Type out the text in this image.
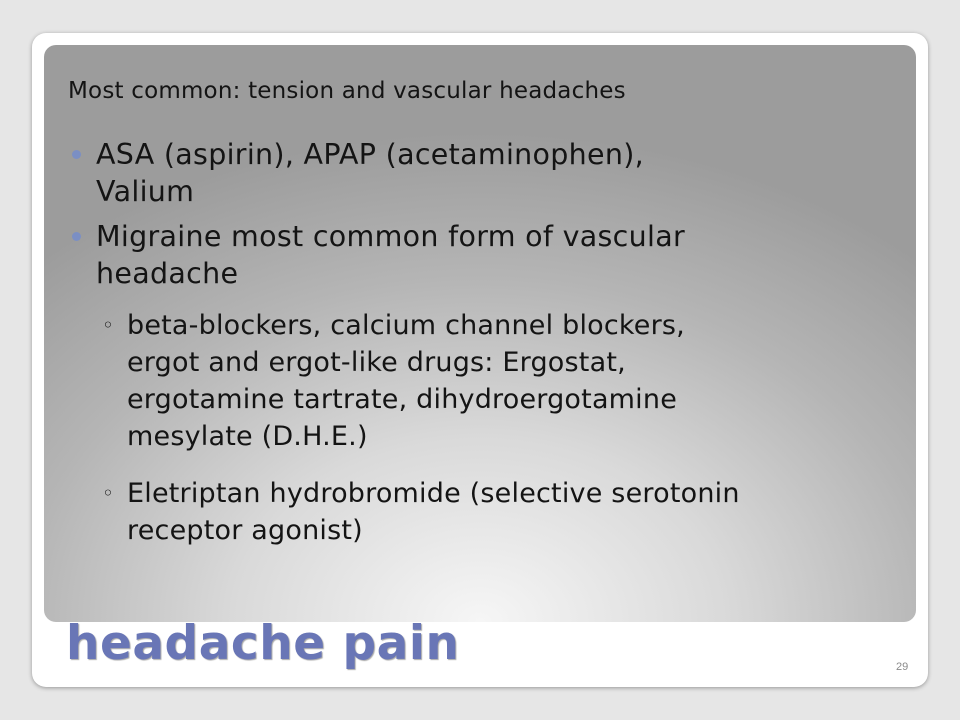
Most common: tension and vascular headaches
ASA (aspirin), APAP (acetaminophen),
Valium
Migraine most common form of vascular
headache
◦ beta-blockers, calcium channel blockers,
ergot and ergot-like drugs: Ergostat,
ergotamine tartrate, dihydroergotamine
mesylate (D.H.E.)
◦ Eletriptan hydrobromide (selective serotonin
receptor agonist)
headache pain	29
